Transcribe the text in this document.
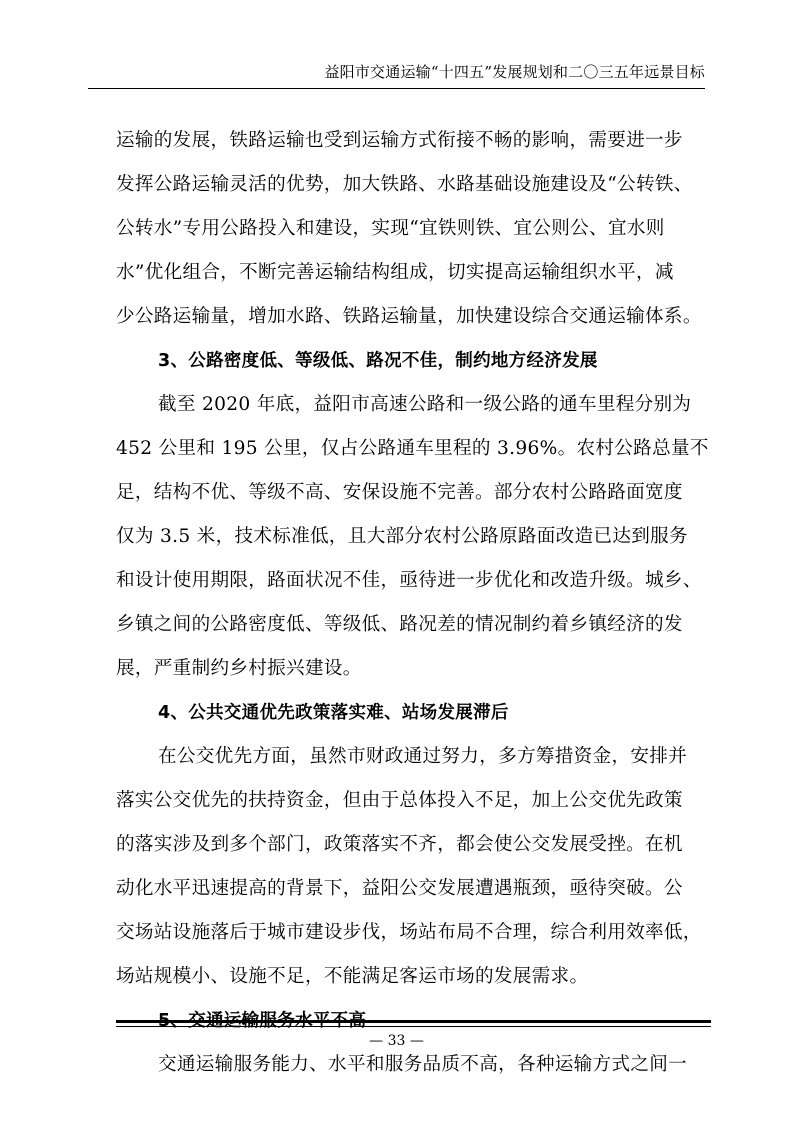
益阳市交通运输“十四五”发展规划和二〇三五年远景目标
运输的发展，铁路运输也受到运输方式衔接不畅的影响，需要进一步
发挥公路运输灵活的优势，加大铁路、水路基础设施建设及“公转铁、
公转水”专用公路投入和建设，实现“宜铁则铁、宜公则公、宜水则
水”优化组合，不断完善运输结构组成，切实提高运输组织水平，减
少公路运输量，增加水路、铁路运输量，加快建设综合交通运输体系。
3、公路密度低、等级低、路况不佳，制约地方经济发展
截至 2020 年底，益阳市高速公路和一级公路的通车里程分别为
452 公里和 195 公里，仅占公路通车里程的 3.96%。农村公路总量不
足，结构不优、等级不高、安保设施不完善。部分农村公路路面宽度
仅为 3.5 米，技术标准低，且大部分农村公路原路面改造已达到服务
和设计使用期限，路面状况不佳，亟待进一步优化和改造升级。城乡、
乡镇之间的公路密度低、等级低、路况差的情况制约着乡镇经济的发
展，严重制约乡村振兴建设。
4、公共交通优先政策落实难、站场发展滞后
在公交优先方面，虽然市财政通过努力，多方筹措资金，安排并
落实公交优先的扶持资金，但由于总体投入不足，加上公交优先政策
的落实涉及到多个部门，政策落实不齐，都会使公交发展受挫。在机
动化水平迅速提高的背景下，益阳公交发展遭遇瓶颈，亟待突破。公
交场站设施落后于城市建设步伐，场站布局不合理，综合利用效率低，
场站规模小、设施不足，不能满足客运市场的发展需求。
5、交通运输服务水平不高
交通运输服务能力、水平和服务品质不高，各种运输方式之间一
— 33 —
